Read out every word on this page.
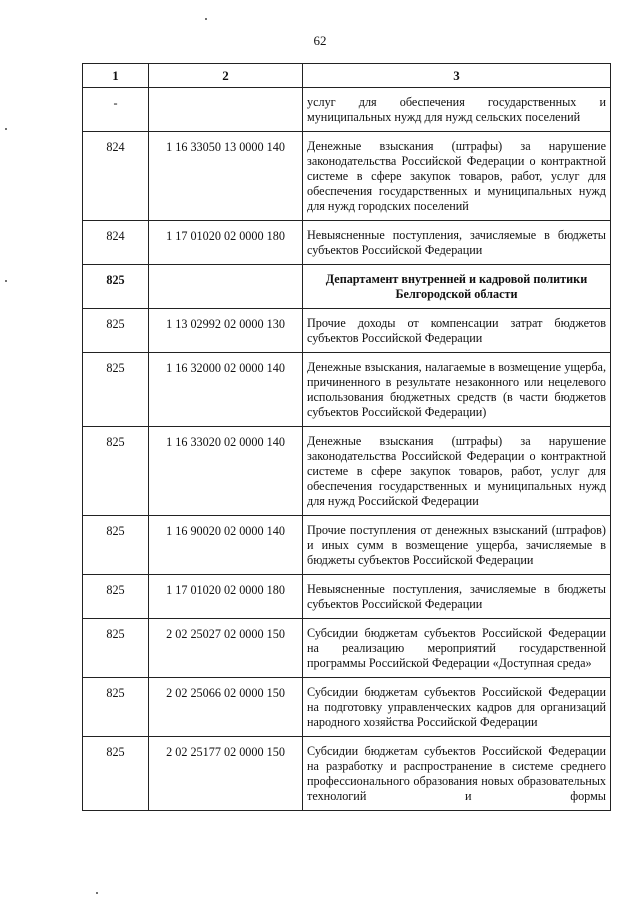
62
1	2	3
-		услуг для обеспечения государственных и муниципальных нужд для нужд сельских поселений
824	1 16 33050 13 0000 140	Денежные взыскания (штрафы) за нарушение законодательства Российской Федерации о контрактной системе в сфере закупок товаров, работ, услуг для обеспечения государственных и муниципальных нужд для нужд городских поселений
824	1 17 01020 02 0000 180	Невыясненные поступления, зачисляемые в бюджеты субъектов Российской Федерации
825		Департамент внутренней и кадровой политики Белгородской области
825	1 13 02992 02 0000 130	Прочие доходы от компенсации затрат бюджетов субъектов Российской Федерации
825	1 16 32000 02 0000 140	Денежные взыскания, налагаемые в возмещение ущерба, причиненного в результате незаконного или нецелевого использования бюджетных средств (в части бюджетов субъектов Российской Федерации)
825	1 16 33020 02 0000 140	Денежные взыскания (штрафы) за нарушение законодательства Российской Федерации о контрактной системе в сфере закупок товаров, работ, услуг для обеспечения государственных и муниципальных нужд для нужд Российской Федерации
825	1 16 90020 02 0000 140	Прочие поступления от денежных взысканий (штрафов) и иных сумм в возмещение ущерба, зачисляемые в бюджеты субъектов Российской Федерации
825	1 17 01020 02 0000 180	Невыясненные поступления, зачисляемые в бюджеты субъектов Российской Федерации
825	2 02 25027 02 0000 150	Субсидии бюджетам субъектов Российской Федерации на реализацию мероприятий государственной программы Российской Федерации «Доступная среда»
825	2 02 25066 02 0000 150	Субсидии бюджетам субъектов Российской Федерации на подготовку управленческих кадров для организаций народного хозяйства Российской Федерации
825	2 02 25177 02 0000 150	Субсидии бюджетам субъектов Российской Федерации на разработку и распространение в системе среднего профессионального образования новых образовательных технологий и формы
